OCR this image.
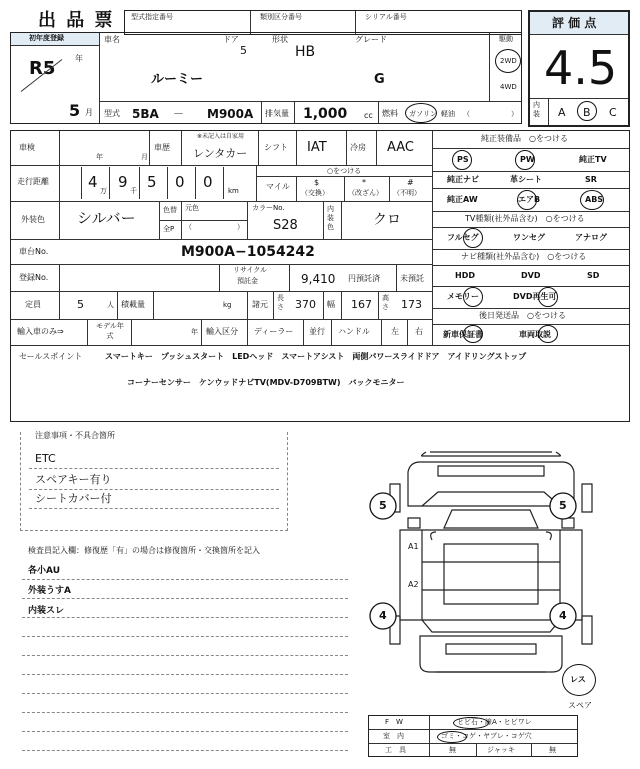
出 品 票 型式指定番号	類別区分番号	シリアル番号	評 価 点
4.5
内装	A B C
初年度登録
R5 年
5 月
車名	ドア
5
形状
HB
グレード
ルーミー	G
駆動
2WD
4WD
型式 5BA － M900A 排気量 1,000 cc 燃料 ガソリン 軽油 （	）
車検
年	月
車歴
※未記入は自家用
レンタカー シフト IAT	冷房 AAC
走行距離	4 万 9 千 5 0 0 km	マイル
○をつける
$
（交換）
*
（改ざん）
#
（不明）
外装色 シルバー	色替
全P
元色
（	）
カラーNo.
S28
内装色	クロ
車台No.	M900A−1054242
登録No.
リサイクル
預託金	9,410 円預託済	未預託
定員	5	人 積載量	kg	諸元
長さ 370 幅 167 高さ 173
輸入車のみ⇒
モデル年式	年 輸入区分 ディーラー 並行 ハンドル	左 右
純正装備品　○をつける
PS	PW	純正TV
純正ナビ	革シート	SR
純正AW	エアB	ABS
TV種類(社外品含む)　○をつける
フルセグ	ワンセグ	アナログ
ナビ種類(社外品含む)　○をつける
HDD	DVD	SD
メモリー	DVD再生可
後日発送品　○をつける
新車保証書	車両取説
セールスポイント	スマートキー　プッシュスタート　LEDヘッド　スマートアシスト　両側パワースライドドア　アイドリングストップ
コーナーセンサー　ケンウッドナビTV(MDV-D709BTW)　バックモニター
注意事項・不具合箇所
ETC
スペアキー有り
シートカバー付
検査員記入欄：修復歴「有」の場合は修復箇所・交換箇所を記入
各小AU
外装うすA
内装スレ
5	5
4	4
A1
A2
レス
スペア
F　W	ヒビ石・線A・ヒビワレ
室　内	ゴミ・コゲ・ヤブレ・コゲ穴
工　具	無	ジャッキ	無
